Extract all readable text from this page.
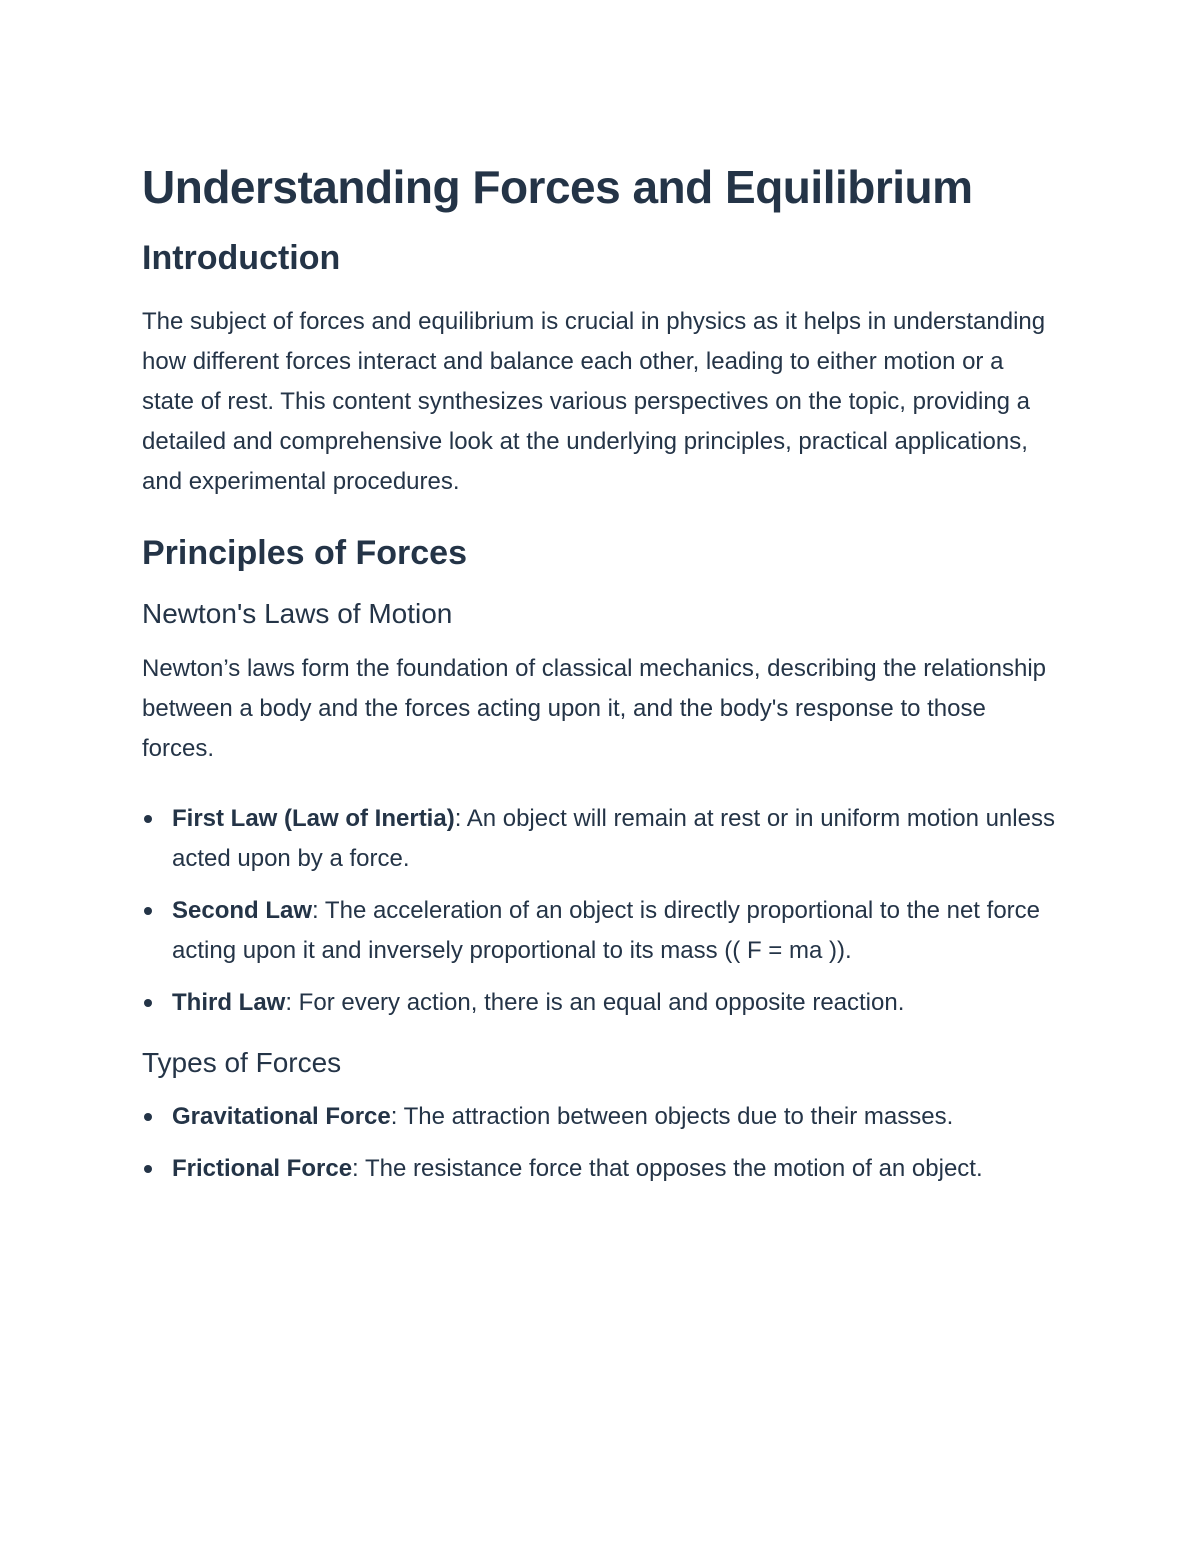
Understanding Forces and Equilibrium
Introduction

The subject of forces and equilibrium is crucial in physics as it helps in understanding how different forces interact and balance each other, leading to either motion or a state of rest. This content synthesizes various perspectives on the topic, providing a detailed and comprehensive look at the underlying principles, practical applications, and experimental procedures.

Principles of Forces
Newton's Laws of Motion

Newton’s laws form the foundation of classical mechanics, describing the relationship between a body and the forces acting upon it, and the body's response to those forces.

First Law (Law of Inertia): An object will remain at rest or in uniform motion unless acted upon by a force.
Second Law: The acceleration of an object is directly proportional to the net force acting upon it and inversely proportional to its mass (( F = ma )).
Third Law: For every action, there is an equal and opposite reaction.
Types of Forces
Gravitational Force: The attraction between objects due to their masses.
Frictional Force: The resistance force that opposes the motion of an object.
